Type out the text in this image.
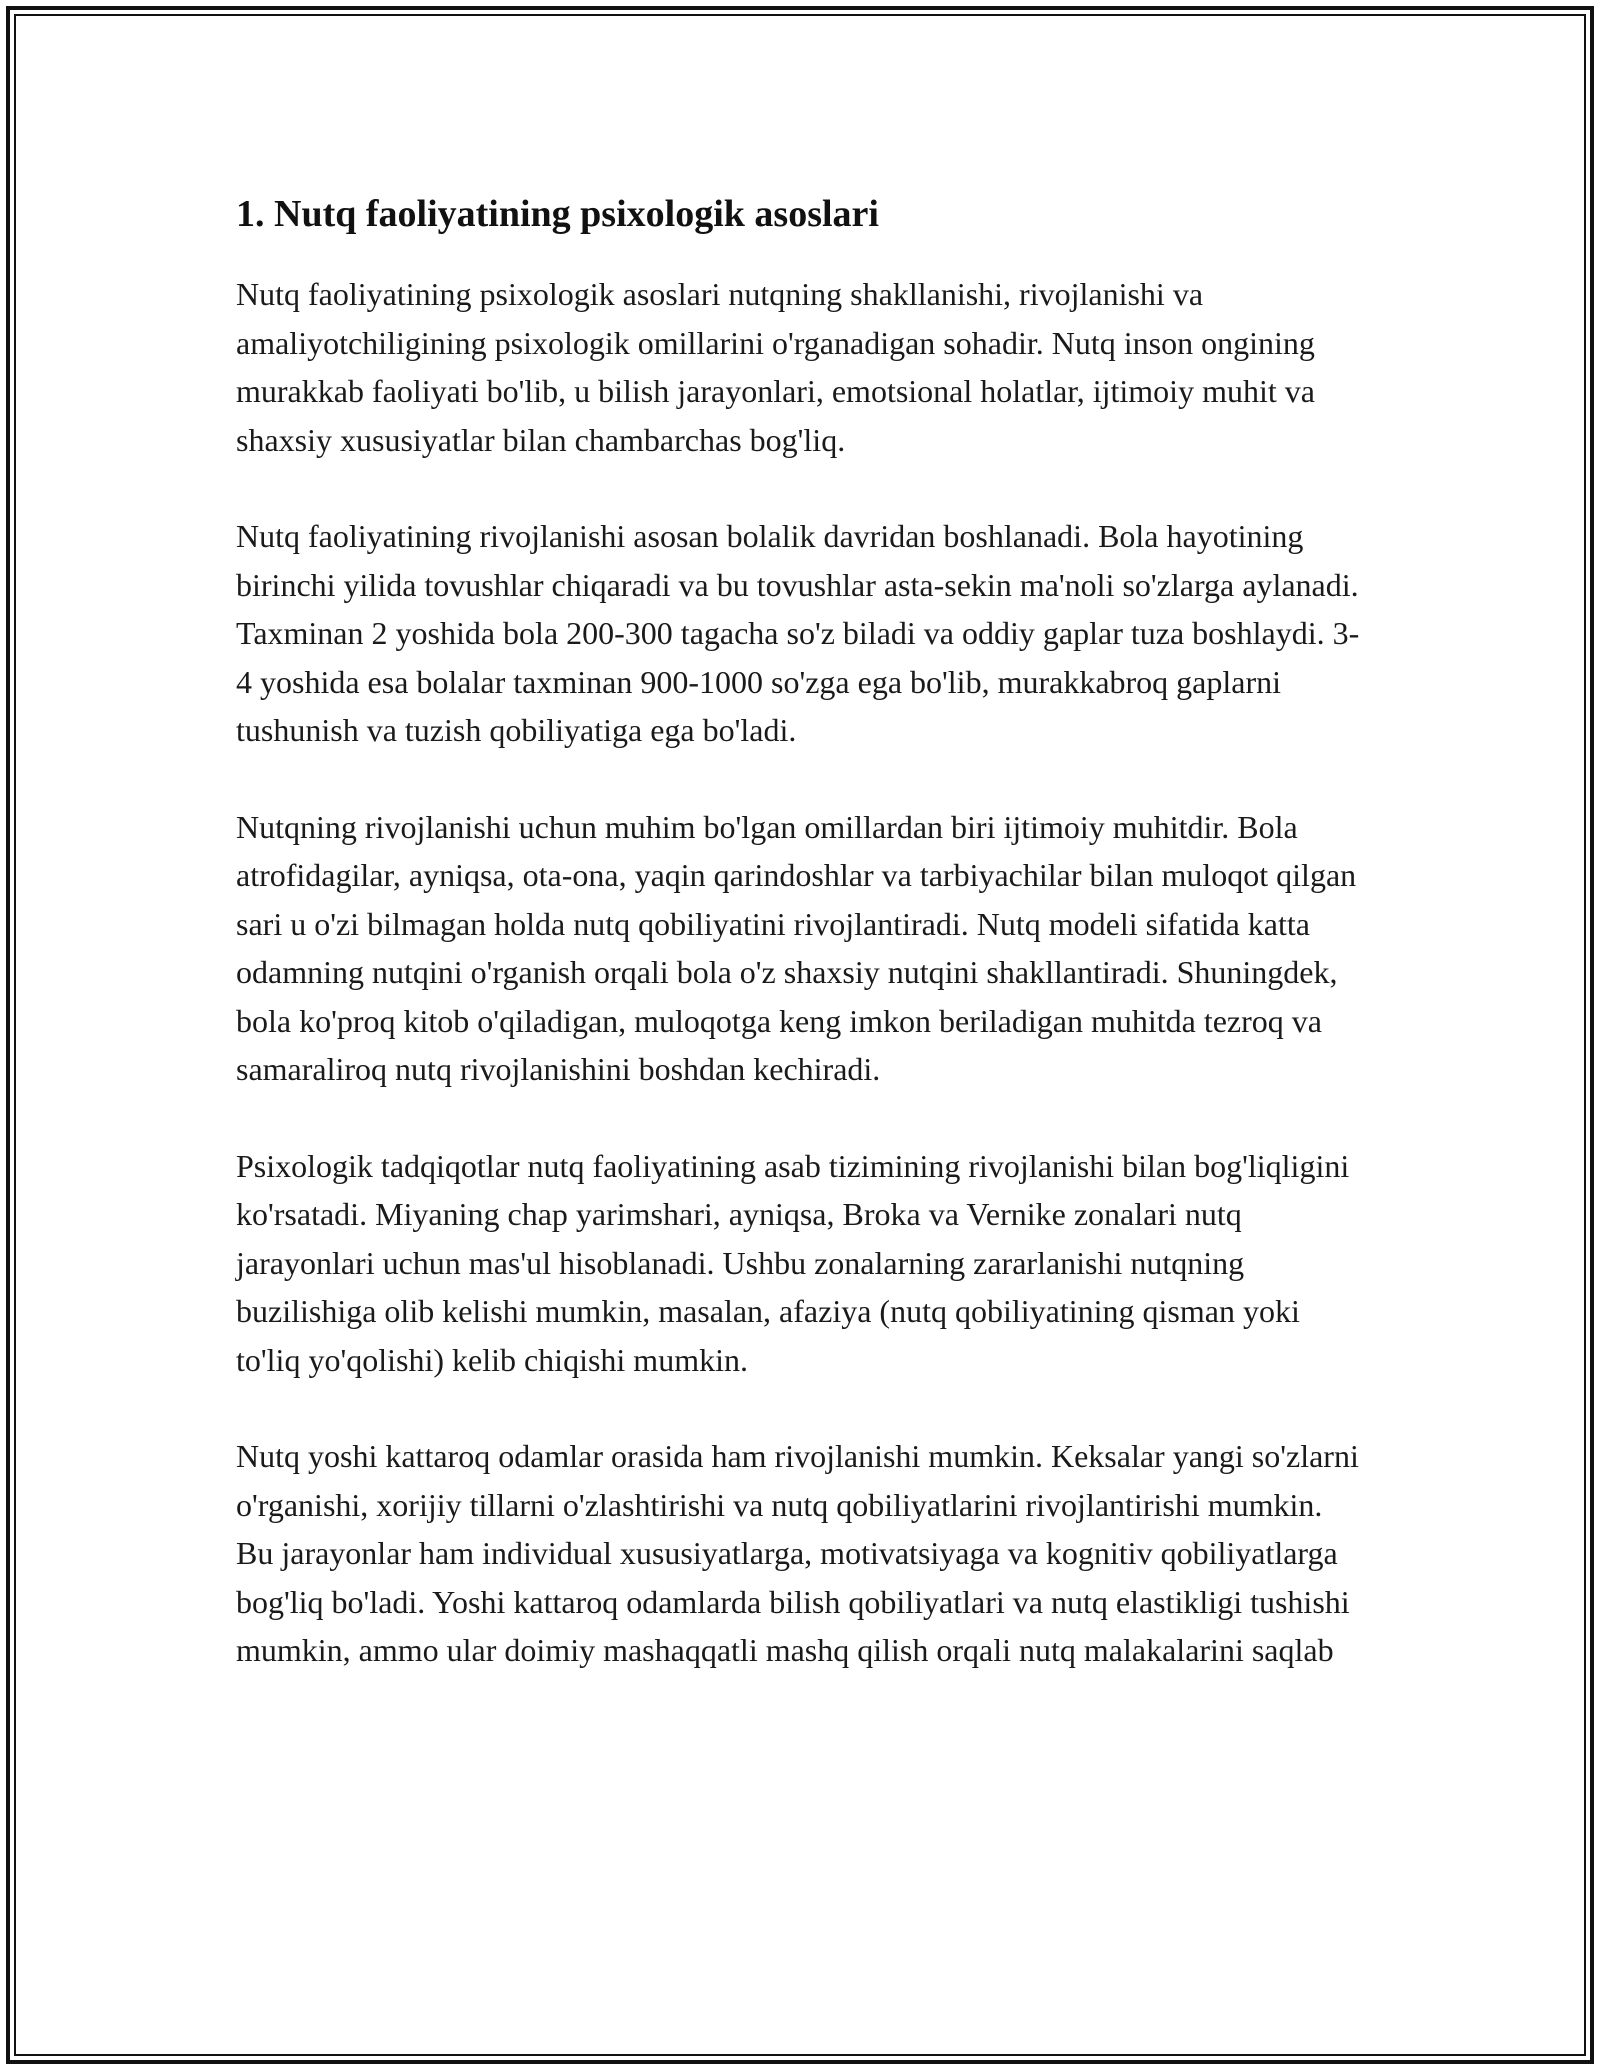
1. Nutq faoliyatining psixologik asoslari

Nutq faoliyatining psixologik asoslari nutqning shakllanishi, rivojlanishi va amaliyotchiligining psixologik omillarini o'rganadigan sohadir. Nutq inson ongining murakkab faoliyati bo'lib, u bilish jarayonlari, emotsional holatlar, ijtimoiy muhit va shaxsiy xususiyatlar bilan chambarchas bog'liq.

Nutq faoliyatining rivojlanishi asosan bolalik davridan boshlanadi. Bola hayotining birinchi yilida tovushlar chiqaradi va bu tovushlar asta-sekin ma'noli so'zlarga aylanadi. Taxminan 2 yoshida bola 200-300 tagacha so'z biladi va oddiy gaplar tuza boshlaydi. 3-4 yoshida esa bolalar taxminan 900-1000 so'zga ega bo'lib, murakkabroq gaplarni tushunish va tuzish qobiliyatiga ega bo'ladi.

Nutqning rivojlanishi uchun muhim bo'lgan omillardan biri ijtimoiy muhitdir. Bola atrofidagilar, ayniqsa, ota-ona, yaqin qarindoshlar va tarbiyachilar bilan muloqot qilgan sari u o'zi bilmagan holda nutq qobiliyatini rivojlantiradi. Nutq modeli sifatida katta odamning nutqini o'rganish orqali bola o'z shaxsiy nutqini shakllantiradi. Shuningdek, bola ko'proq kitob o'qiladigan, muloqotga keng imkon beriladigan muhitda tezroq va samaraliroq nutq rivojlanishini boshdan kechiradi.

Psixologik tadqiqotlar nutq faoliyatining asab tizimining rivojlanishi bilan bog'liqligini ko'rsatadi. Miyaning chap yarimshari, ayniqsa, Broka va Vernike zonalari nutq jarayonlari uchun mas'ul hisoblanadi. Ushbu zonalarning zararlanishi nutqning buzilishiga olib kelishi mumkin, masalan, afaziya (nutq qobiliyatining qisman yoki to'liq yo'qolishi) kelib chiqishi mumkin.

Nutq yoshi kattaroq odamlar orasida ham rivojlanishi mumkin. Keksalar yangi so'zlarni o'rganishi, xorijiy tillarni o'zlashtirishi va nutq qobiliyatlarini rivojlantirishi mumkin. Bu jarayonlar ham individual xususiyatlarga, motivatsiyaga va kognitiv qobiliyatlarga bog'liq bo'ladi. Yoshi kattaroq odamlarda bilish qobiliyatlari va nutq elastikligi tushishi mumkin, ammo ular doimiy mashaqqatli mashq qilish orqali nutq malakalarini saqlab
